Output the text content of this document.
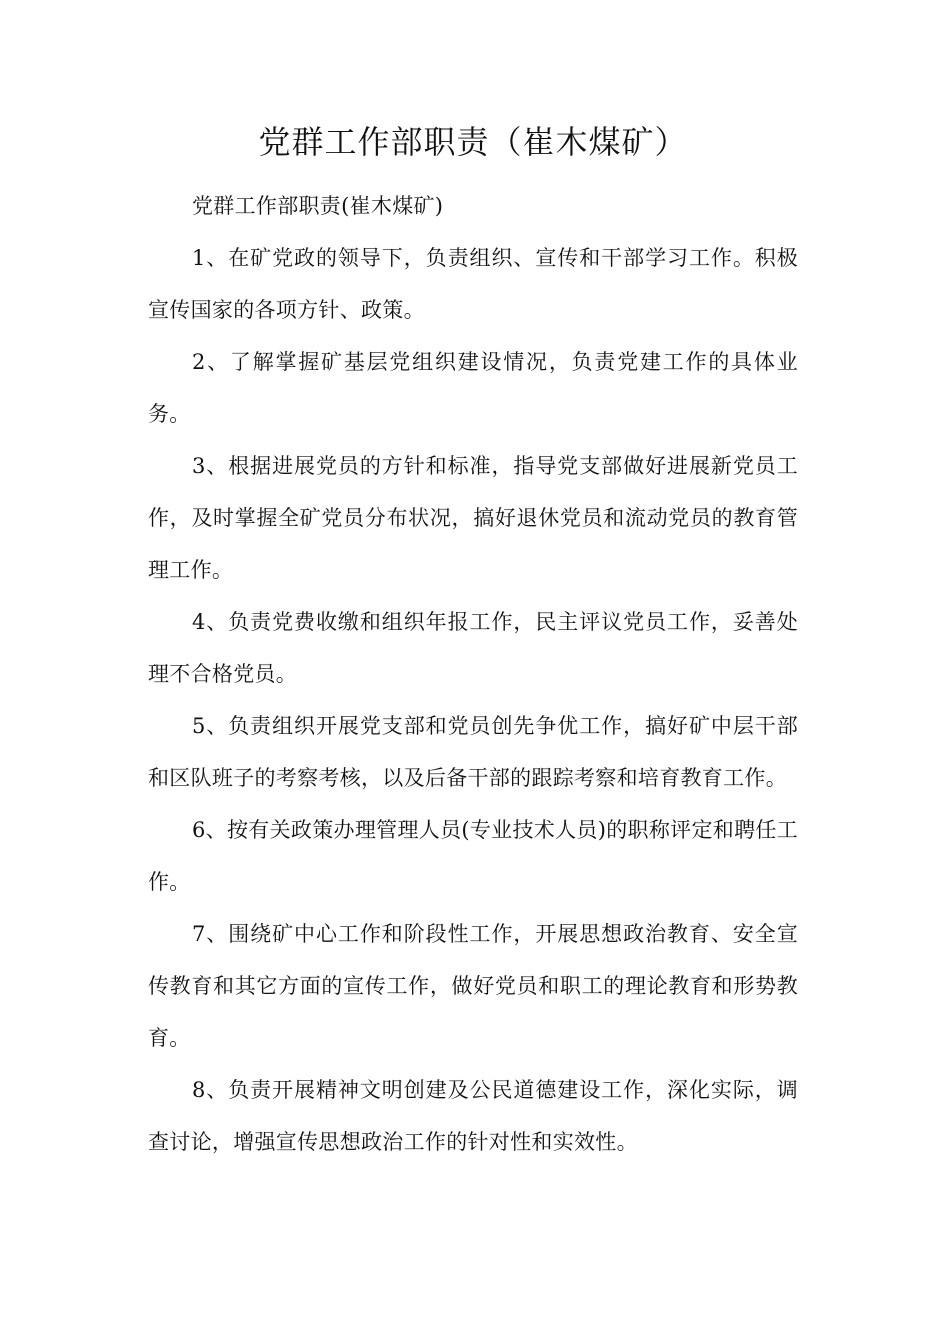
党群工作部职责（崔木煤矿）

党群工作部职责(崔木煤矿)

1、在矿党政的领导下，负责组织、宣传和干部学习工作。积极宣传国家的各项方针、政策。

2、了解掌握矿基层党组织建设情况，负责党建工作的具体业务。

3、根据进展党员的方针和标准，指导党支部做好进展新党员工作，及时掌握全矿党员分布状况，搞好退休党员和流动党员的教育管理工作。

4、负责党费收缴和组织年报工作，民主评议党员工作，妥善处理不合格党员。

5、负责组织开展党支部和党员创先争优工作，搞好矿中层干部和区队班子的考察考核，以及后备干部的跟踪考察和培育教育工作。

6、按有关政策办理管理人员(专业技术人员)的职称评定和聘任工作。

7、围绕矿中心工作和阶段性工作，开展思想政治教育、安全宣传教育和其它方面的宣传工作，做好党员和职工的理论教育和形势教育。

8、负责开展精神文明创建及公民道德建设工作，深化实际，调查讨论，增强宣传思想政治工作的针对性和实效性。
